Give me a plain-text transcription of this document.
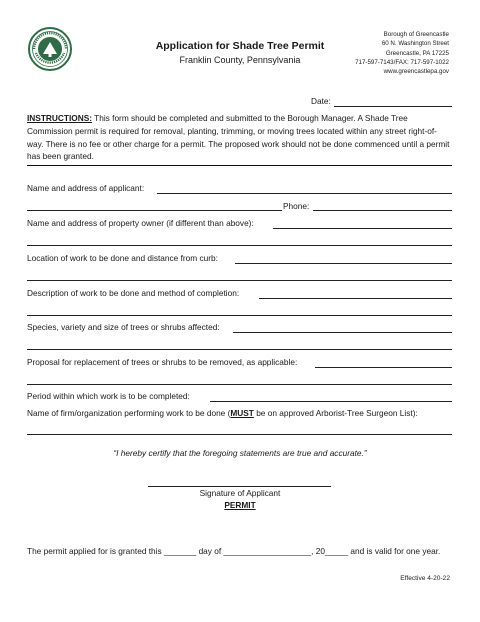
Application for Shade Tree Permit
Franklin County, Pennsylvania
Borough of Greencastle
60 N. Washington Street
Greencastle, PA 17225
717-597-7143/FAX: 717-597-1022
www.greencastlepa.gov
Date:
INSTRUCTIONS: This form should be completed and submitted to the Borough Manager. A Shade Tree Commission permit is required for removal, planting, trimming, or moving trees located within any street right-of-way. There is no fee or other charge for a permit. The proposed work should not be done commenced until a permit has been granted.
Name and address of applicant:
Phone:
Name and address of property owner (if different than above):
Location of work to be done and distance from curb:
Description of work to be done and method of completion:
Species, variety and size of trees or shrubs affected:
Proposal for replacement of trees or shrubs to be removed, as applicable:
Period within which work is to be completed:
Name of firm/organization performing work to be done (MUST be on approved Arborist-Tree Surgeon List):
“I hereby certify that the foregoing statements are true and accurate.”
Signature of Applicant
PERMIT
The permit applied for is granted this _______ day of ___________________, 20_____ and is valid for one year.
Effective 4-20-22
